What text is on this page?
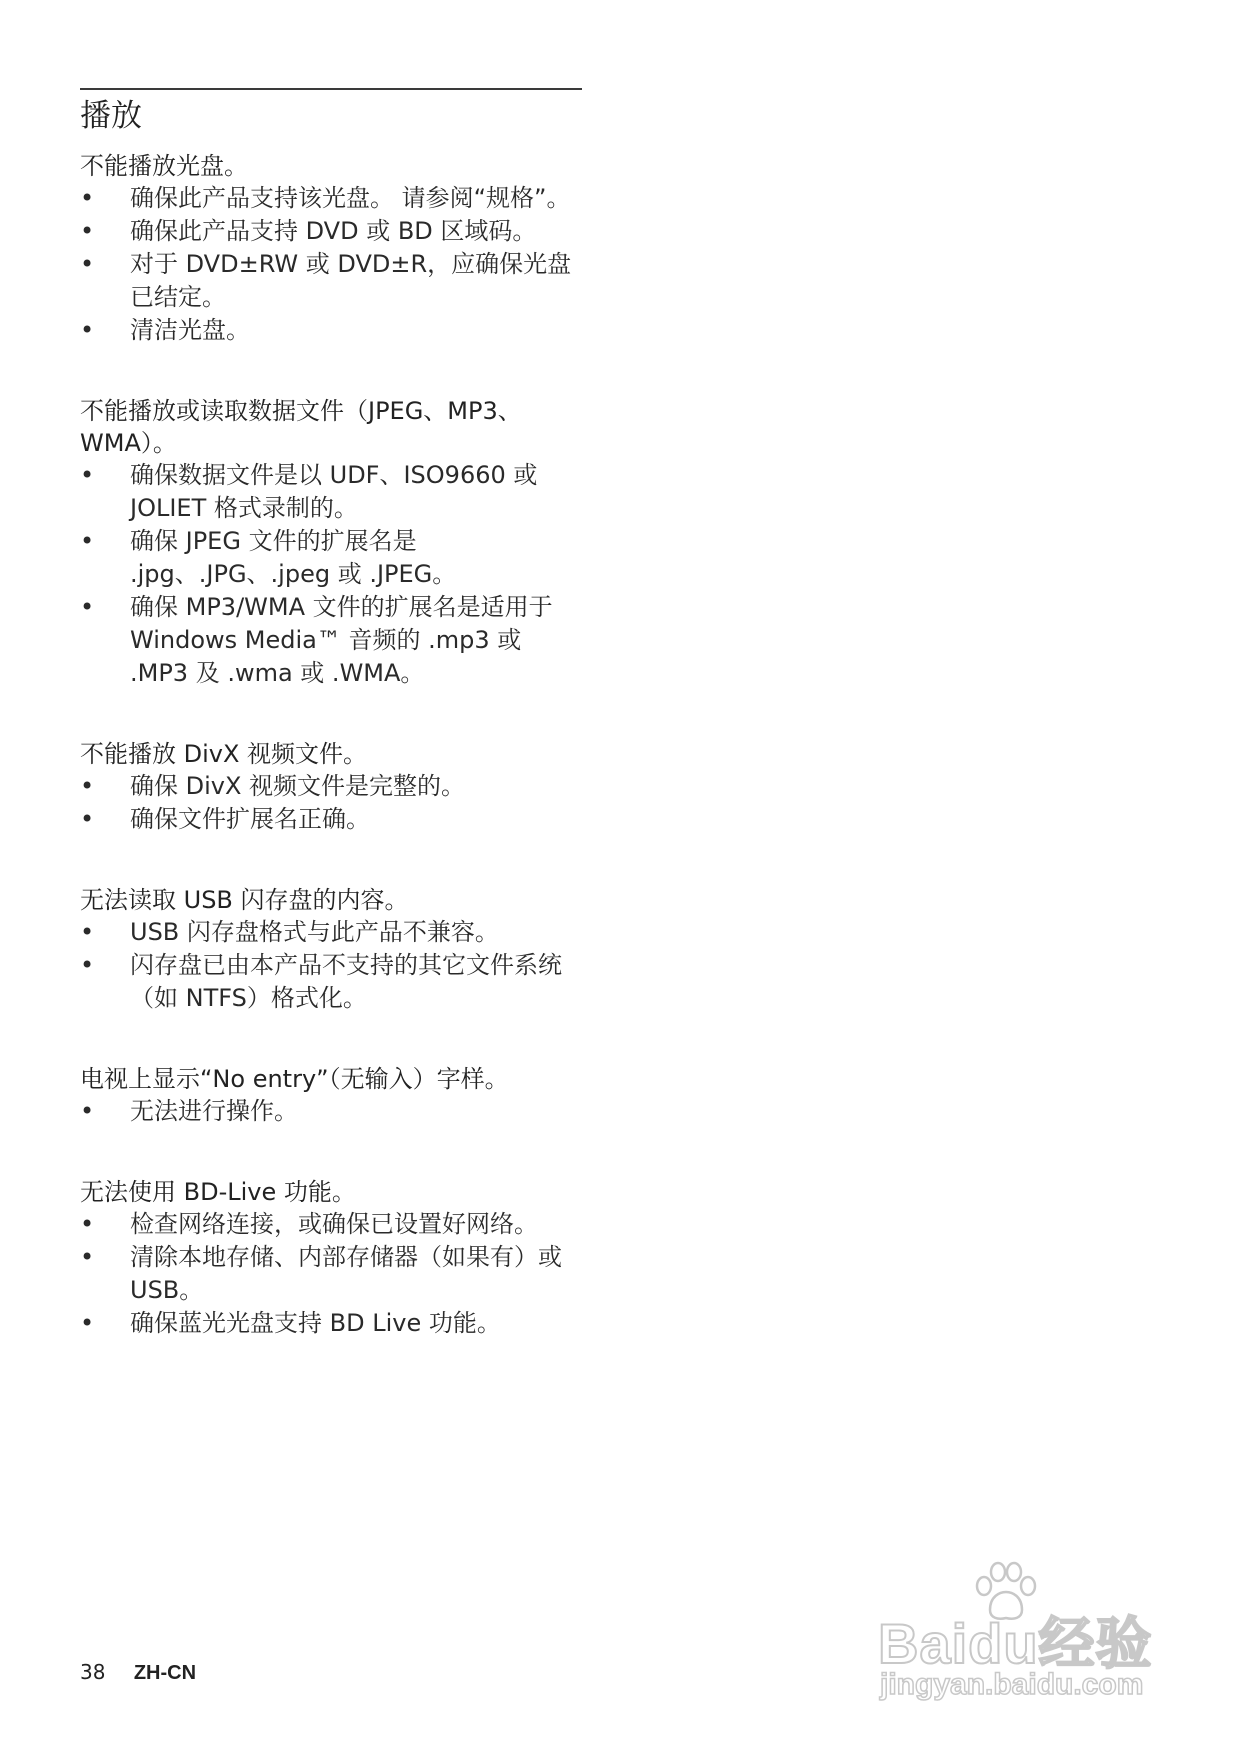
播放

不能播放光盘。

• 确保此产品支持该光盘。 请参阅“规格”。
• 确保此产品支持 DVD 或 BD 区域码。
• 对于 DVD±RW 或 DVD±R，应确保光盘已结定。
• 清洁光盘。

不能播放或读取数据文件（JPEG、MP3、WMA）。

• 确保数据文件是以 UDF、ISO9660 或 JOLIET 格式录制的。
• 确保 JPEG 文件的扩展名是 .jpg、.JPG、.jpeg 或 .JPEG。
• 确保 MP3/WMA 文件的扩展名是适用于 Windows Media™ 音频的 .mp3 或 .MP3 及 .wma 或 .WMA。

不能播放 DivX 视频文件。

• 确保 DivX 视频文件是完整的。
• 确保文件扩展名正确。

无法读取 USB 闪存盘的内容。

• USB 闪存盘格式与此产品不兼容。
• 闪存盘已由本产品不支持的其它文件系统（如 NTFS）格式化。

电视上显示“No entry”（无输入）字样。

• 无法进行操作。

无法使用 BD-Live 功能。

• 检查网络连接，或确保已设置好网络。
• 清除本地存储、内部存储器（如果有）或 USB。
• 确保蓝光光盘支持 BD Live 功能。
38 ZH-CN	Baidu经验
jingyan.baidu.com
